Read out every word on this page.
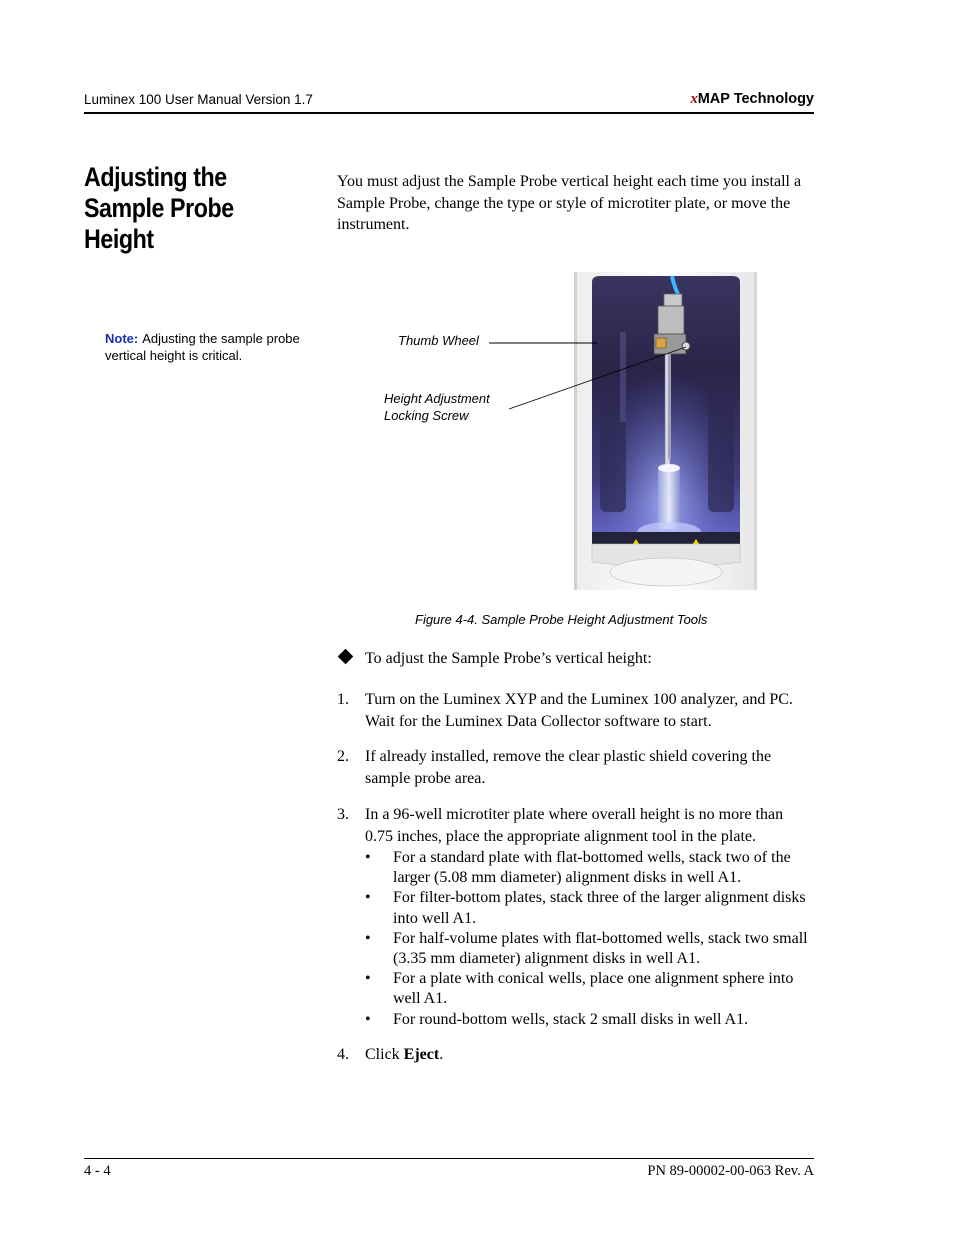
Luminex 100 User Manual Version 1.7	xMAP Technology
Adjusting the Sample Probe Height
Note: Adjusting the sample probe vertical height is critical.
You must adjust the Sample Probe vertical height each time you install a Sample Probe, change the type or style of microtiter plate, or move the instrument.
Thumb Wheel
Height Adjustment
Locking Screw
Figure 4-4. Sample Probe Height Adjustment Tools
To adjust the Sample Probe’s vertical height:
1. Turn on the Luminex XYP and the Luminex 100 analyzer, and PC. Wait for the Luminex Data Collector software to start.
2. If already installed, remove the clear plastic shield covering the sample probe area.
3. In a 96-well microtiter plate where overall height is no more than 0.75 inches, place the appropriate alignment tool in the plate.
• For a standard plate with flat-bottomed wells, stack two of the larger (5.08 mm diameter) alignment disks in well A1.
• For filter-bottom plates, stack three of the larger alignment disks into well A1.
• For half-volume plates with flat-bottomed wells, stack two small (3.35 mm diameter) alignment disks in well A1.
• For a plate with conical wells, place one alignment sphere into well A1.
• For round-bottom wells, stack 2 small disks in well A1.
4. Click Eject.
4 - 4	PN 89-00002-00-063 Rev. A
